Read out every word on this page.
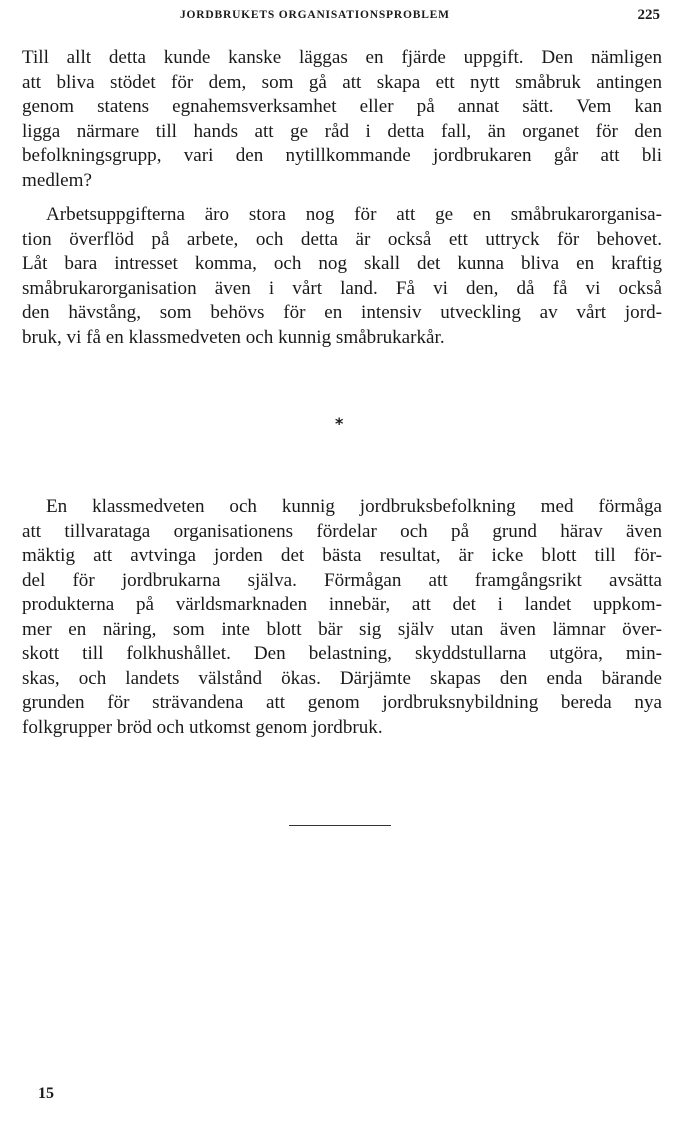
JORDBRUKETS ORGANISATIONSPROBLEM	225
Till allt detta kunde kanske läggas en fjärde uppgift. Den nämligen
att bliva stödet för dem, som gå att skapa ett nytt småbruk antingen
genom statens egnahemsverksamhet eller på annat sätt. Vem kan
ligga närmare till hands att ge råd i detta fall, än organet för den
befolkningsgrupp, vari den nytillkommande jordbrukaren går att bli
medlem?
Arbetsuppgifterna äro stora nog för att ge en småbrukarorganisa-
tion överflöd på arbete, och detta är också ett uttryck för behovet.
Låt bara intresset komma, och nog skall det kunna bliva en kraftig
småbrukarorganisation även i vårt land. Få vi den, då få vi också
den hävstång, som behövs för en intensiv utveckling av vårt jord-
bruk, vi få en klassmedveten och kunnig småbrukarkår.
*
En klassmedveten och kunnig jordbruksbefolkning med förmåga
att tillvarataga organisationens fördelar och på grund härav även
mäktig att avtvinga jorden det bästa resultat, är icke blott till för-
del för jordbrukarna själva. Förmågan att framgångsrikt avsätta
produkterna på världsmarknaden innebär, att det i landet uppkom-
mer en näring, som inte blott bär sig själv utan även lämnar över-
skott till folkhushållet. Den belastning, skyddstullarna utgöra, min-
skas, och landets välstånd ökas. Därjämte skapas den enda bärande
grunden för strävandena att genom jordbruksnybildning bereda nya
folkgrupper bröd och utkomst genom jordbruk.
15
